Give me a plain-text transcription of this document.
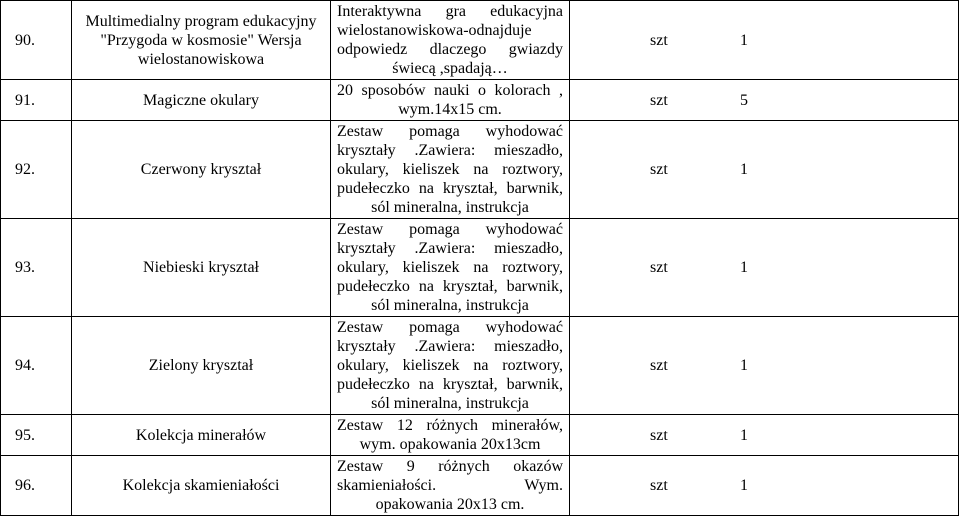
90.	Multimedialny program edukacyjny "Przygoda w kosmosie" Wersja wielostanowiskowa	Interaktywna gra edukacyjna
wielostanowiskowa-odnajduje
odpowiedz dlaczego gwiazdy
świecą ,spadają…	szt 1
91.	Magiczne okulary	20 sposobów nauki o kolorach ,
wym.14x15 cm.	szt 5
92.	Czerwony kryształ	Zestaw pomaga wyhodować
kryształy .Zawiera: mieszadło,
okulary, kieliszek na roztwory,
pudełeczko na kryształ, barwnik,
sól mineralna, instrukcja	szt 1
93.	Niebieski kryształ	Zestaw pomaga wyhodować
kryształy .Zawiera: mieszadło,
okulary, kieliszek na roztwory,
pudełeczko na kryształ, barwnik,
sól mineralna, instrukcja	szt 1
94.	Zielony kryształ	Zestaw pomaga wyhodować
kryształy .Zawiera: mieszadło,
okulary, kieliszek na roztwory,
pudełeczko na kryształ, barwnik,
sól mineralna, instrukcja	szt 1
95.	Kolekcja minerałów	Zestaw 12 różnych minerałów,
wym. opakowania 20x13cm	szt 1
96.	Kolekcja skamieniałości	Zestaw 9 różnych okazów
skamieniałości. Wym.
opakowania 20x13 cm.	szt 1
